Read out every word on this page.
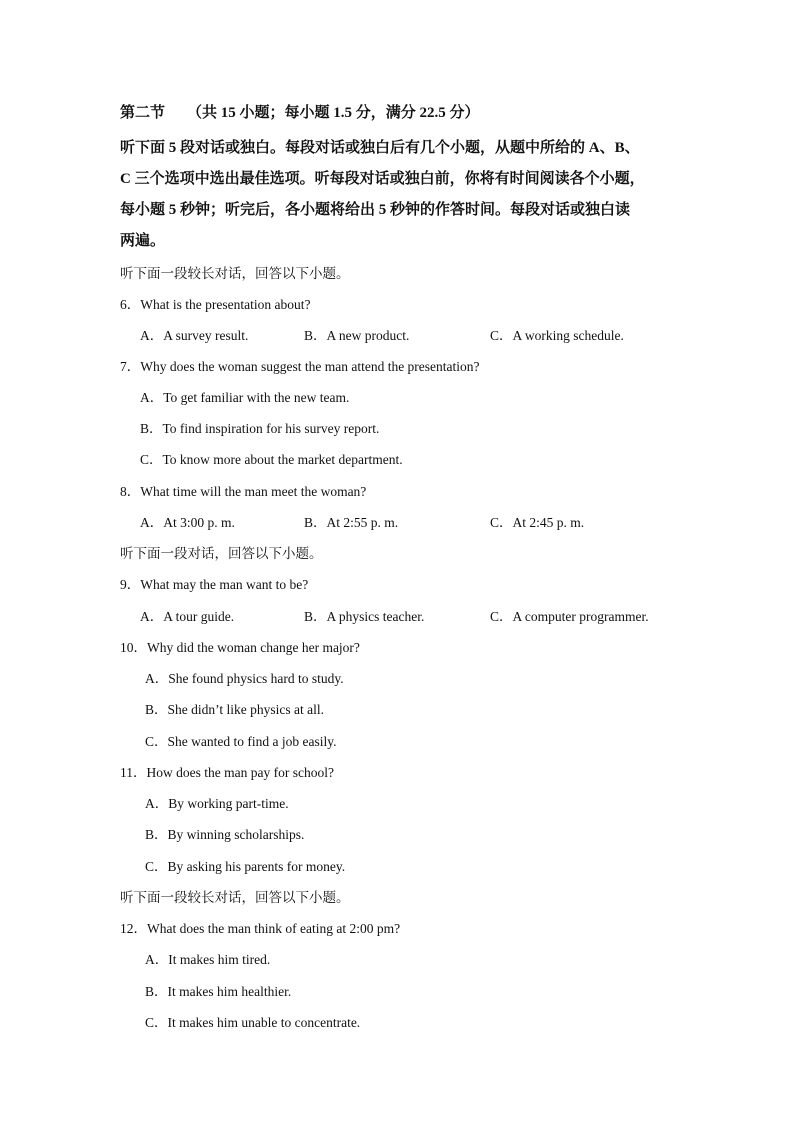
第二节 （共 15 小题；每小题 1.5 分，满分 22.5 分）
听下面 5 段对话或独白。每段对话或独白后有几个小题，从题中所给的 A、B、
C 三个选项中选出最佳选项。听每段对话或独白前，你将有时间阅读各个小题，
每小题 5 秒钟；听完后，各小题将给出 5 秒钟的作答时间。每段对话或独白读
两遍。
听下面一段较长对话，回答以下小题。
6．What is the presentation about?
A．A survey result.	B．A new product.	C．A working schedule.
7．Why does the woman suggest the man attend the presentation?
A．To get familiar with the new team.
B．To find inspiration for his survey report.
C．To know more about the market department.
8．What time will the man meet the woman?
A．At 3:00 p. m.	B．At 2:55 p. m.	C．At 2:45 p. m.
听下面一段对话，回答以下小题。
9．What may the man want to be?
A．A tour guide.	B．A physics teacher.	C．A computer programmer.
10．Why did the woman change her major?
A．She found physics hard to study.
B．She didn’t like physics at all.
C．She wanted to find a job easily.
11．How does the man pay for school?
A．By working part-time.
B．By winning scholarships.
C．By asking his parents for money.
听下面一段较长对话，回答以下小题。
12．What does the man think of eating at 2:00 pm?
A．It makes him tired.
B．It makes him healthier.
C．It makes him unable to concentrate.
